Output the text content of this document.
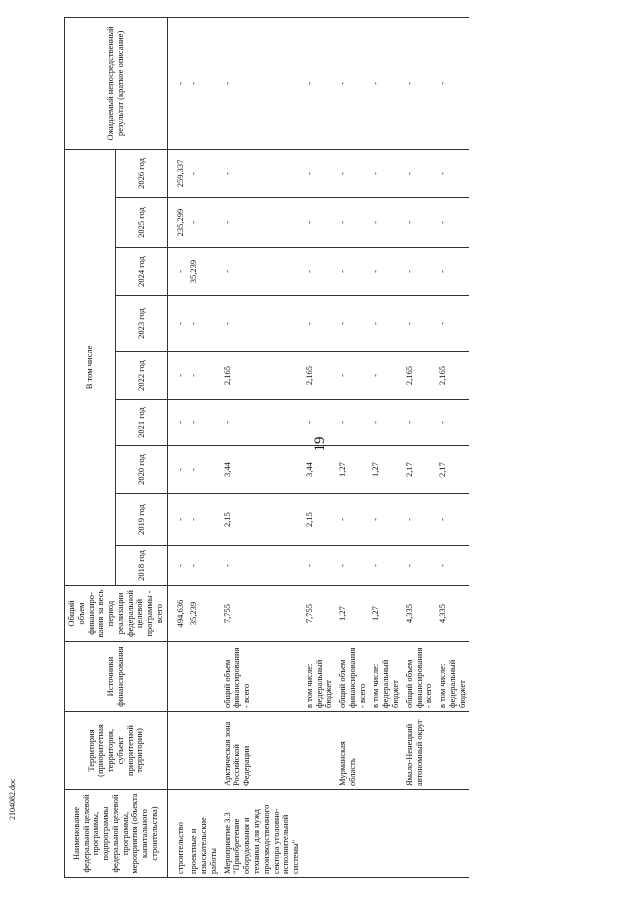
19
2104082.doc
Наименование федеральной целевой программы, подпрограммы федеральной целевой программы, мероприятия (объекта капитального строительства)	Территория (приоритетная территория, субъект приоритетной территории)	Источники финансирования	Общий объем финансиро-вания за весь период реализации федеральной целевой программы - всего	В том числе									Ожидаемый непосредственный результат (краткое описание)
				2018 год	2019 год	2020 год	2021 год	2022 год	2023 год	2024 год	2025 год	2026 год	
строительство			494,636	-	-	-	-	-	-	-	235,299	259,337	-
проектные и изыскательские работы			35,239	-	-	-	-	-	-	35,239	-	-	-
Мероприятие 3.3 "Приобретение оборудования и техники для нужд производственного сектора уголовно-исполнительной системы"	Арктическая зона Российской Федерации	общий объем финансирования - всего	7,755	-	2,15	3,44	-	2,165	-	-	-	-	-
		в том числе: федеральный бюджет	7,755	-	2,15	3,44	-	2,165	-	-	-	-	-
	Мурманская область	общий объем финансирования - всего	1,27	-	-	1,27	-	-	-	-	-	-	-
		в том числе: федеральный бюджет	1,27	-	-	1,27	-	-	-	-	-	-	-
	Ямало-Ненецкий автономный округ	общий объем финансирования - всего	4,335	-	-	2,17	-	2,165	-	-	-	-	-
		в том числе: федеральный бюджет	4,335	-	-	2,17	-	2,165	-	-	-	-	-
